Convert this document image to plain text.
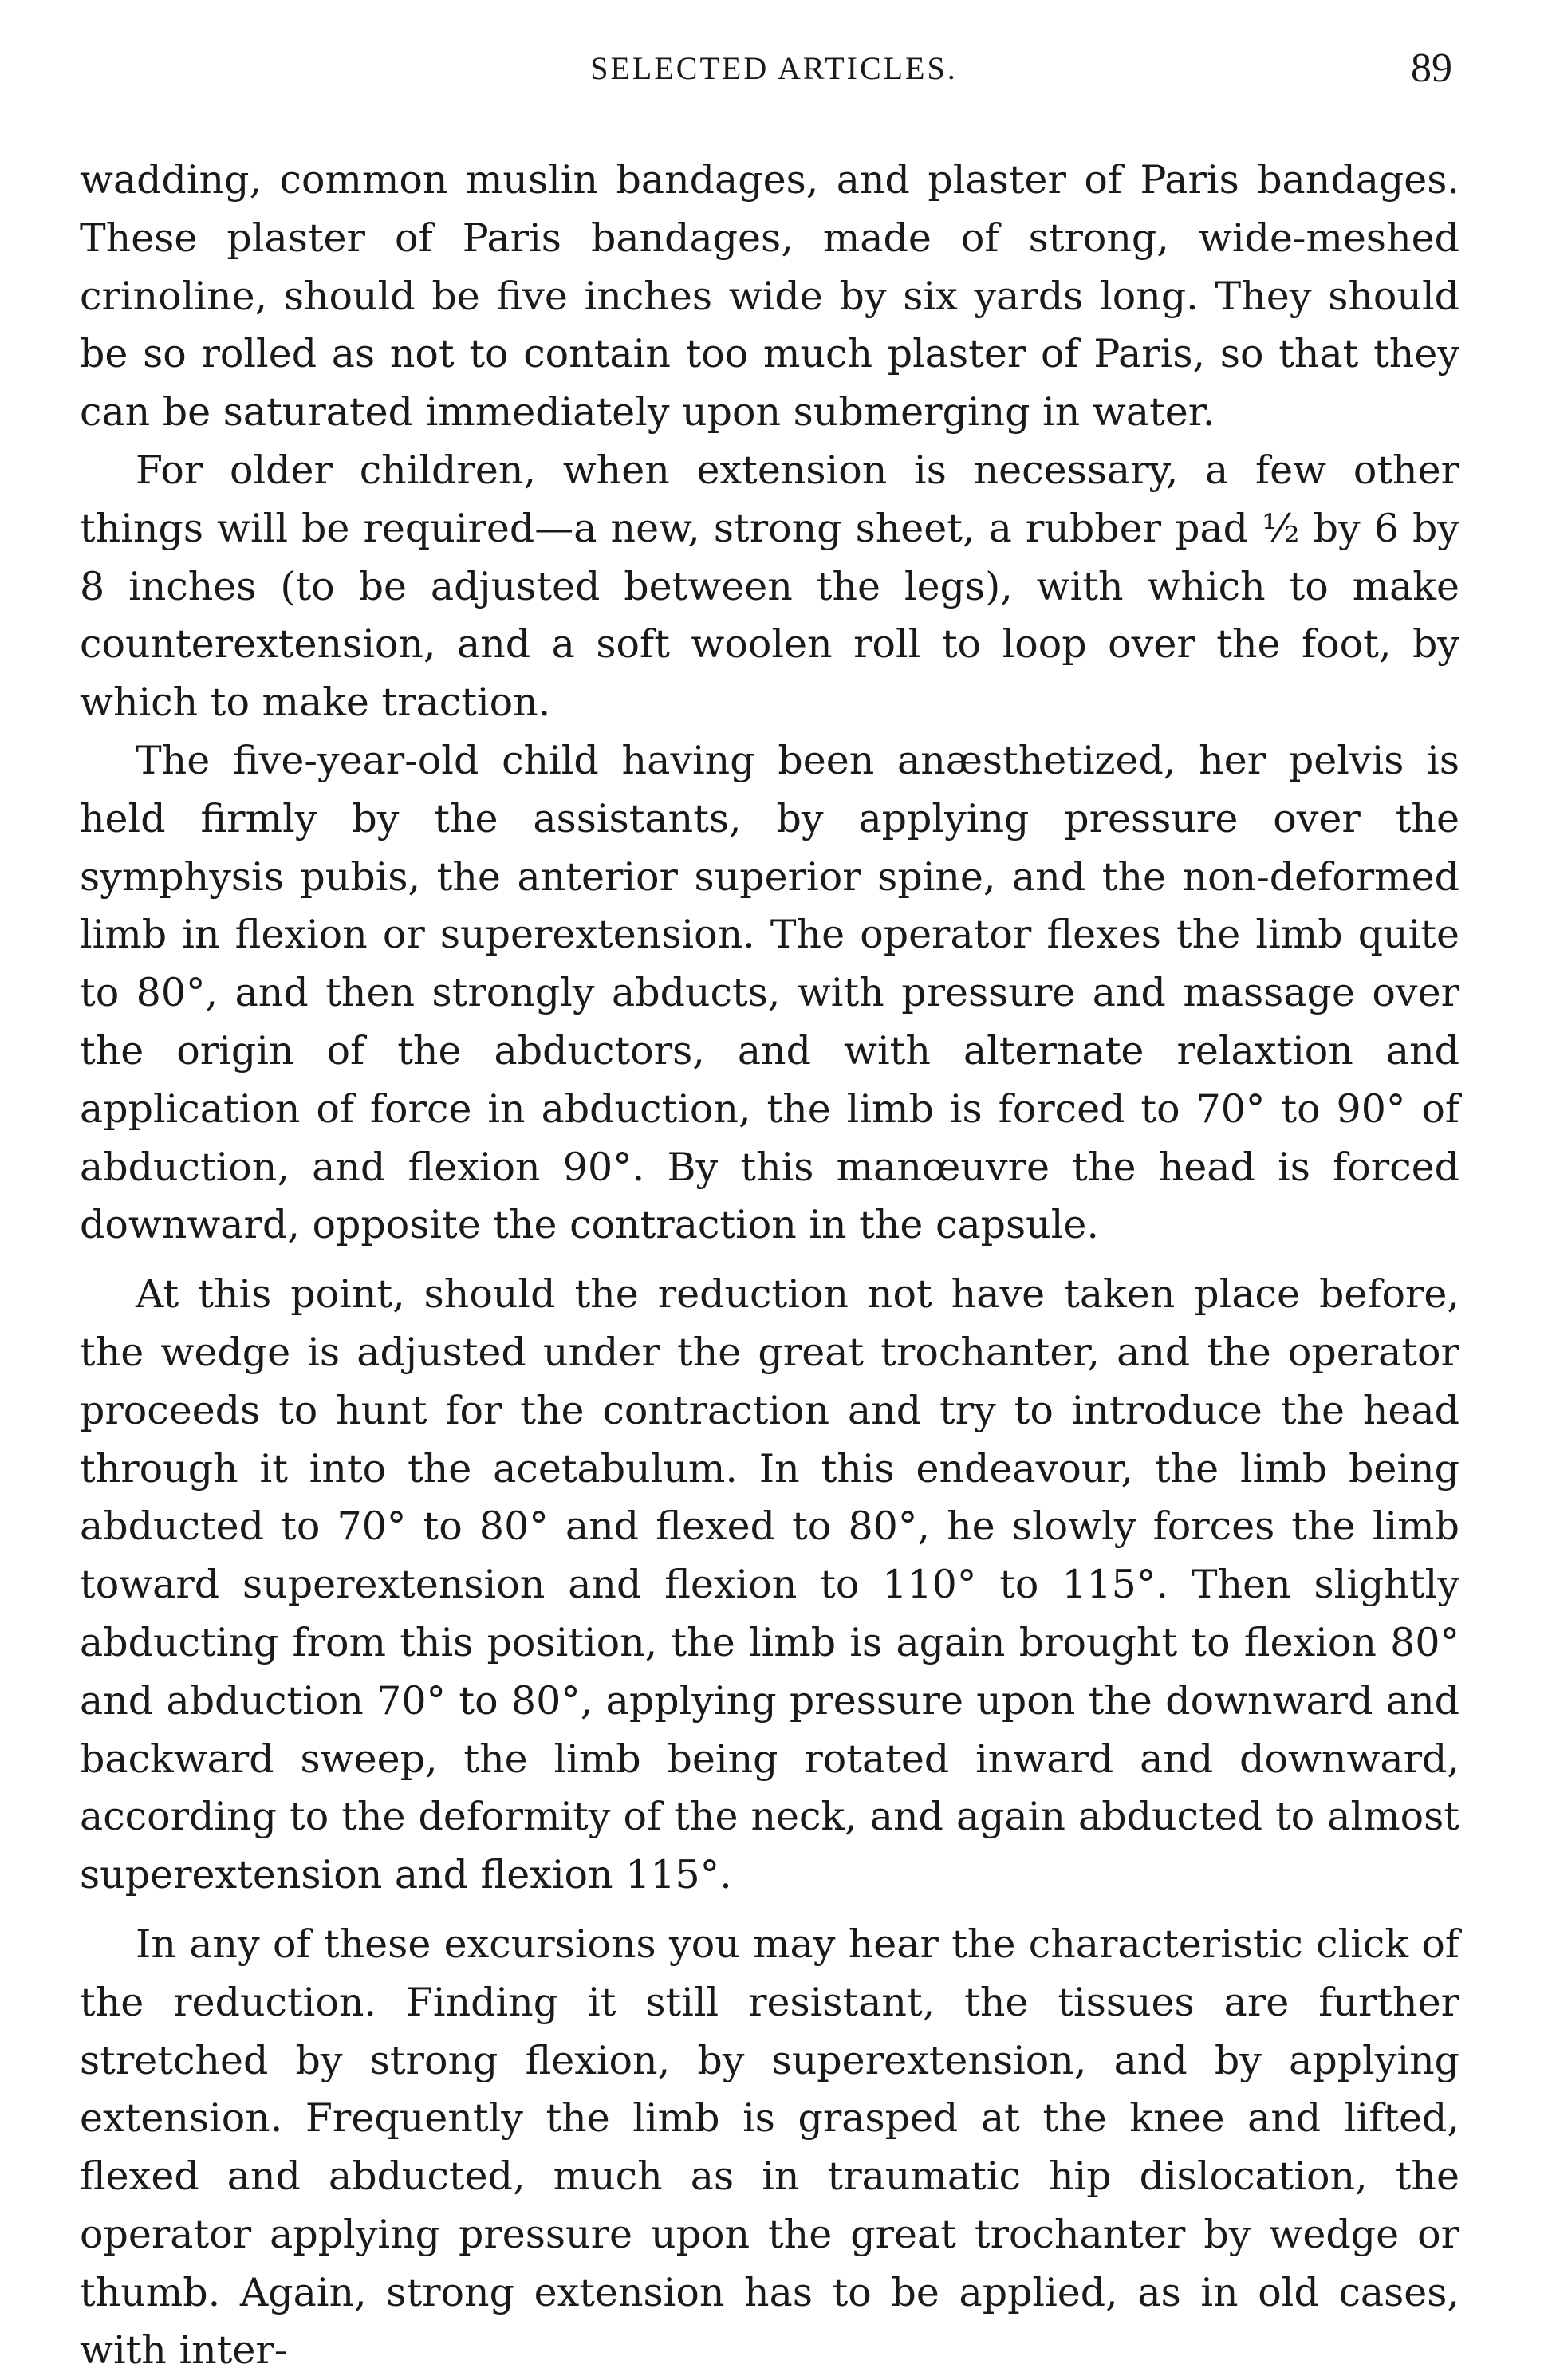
SELECTED ARTICLES.	89

wadding, common muslin bandages, and plaster of Paris bandages. These plaster of Paris bandages, made of strong, wide-meshed crinoline, should be five inches wide by six yards long. They should be so rolled as not to contain too much plaster of Paris, so that they can be saturated immediately upon submerging in water.

For older children, when extension is necessary, a few other things will be required—a new, strong sheet, a rubber pad ½ by 6 by 8 inches (to be adjusted between the legs), with which to make counterextension, and a soft woolen roll to loop over the foot, by which to make traction.

The five-year-old child having been anæsthetized, her pelvis is held firmly by the assistants, by applying pressure over the symphysis pubis, the anterior superior spine, and the non-deformed limb in flexion or superextension. The operator flexes the limb quite to 80°, and then strongly abducts, with pressure and massage over the origin of the abductors, and with alternate relaxtion and application of force in abduction, the limb is forced to 70° to 90° of abduction, and flexion 90°. By this manœuvre the head is forced downward, opposite the contraction in the capsule.

At this point, should the reduction not have taken place before, the wedge is adjusted under the great trochanter, and the operator proceeds to hunt for the contraction and try to introduce the head through it into the acetabulum. In this endeavour, the limb being abducted to 70° to 80° and flexed to 80°, he slowly forces the limb toward superextension and flexion to 110° to 115°. Then slightly abducting from this position, the limb is again brought to flexion 80° and abduction 70° to 80°, applying pressure upon the downward and backward sweep, the limb being rotated inward and downward, according to the deformity of the neck, and again abducted to almost superextension and flexion 115°.

In any of these excursions you may hear the characteristic click of the reduction. Finding it still resistant, the tissues are further stretched by strong flexion, by superextension, and by applying extension. Frequently the limb is grasped at the knee and lifted, flexed and abducted, much as in traumatic hip dislocation, the operator applying pressure upon the great trochanter by wedge or thumb. Again, strong extension has to be applied, as in old cases, with inter-
